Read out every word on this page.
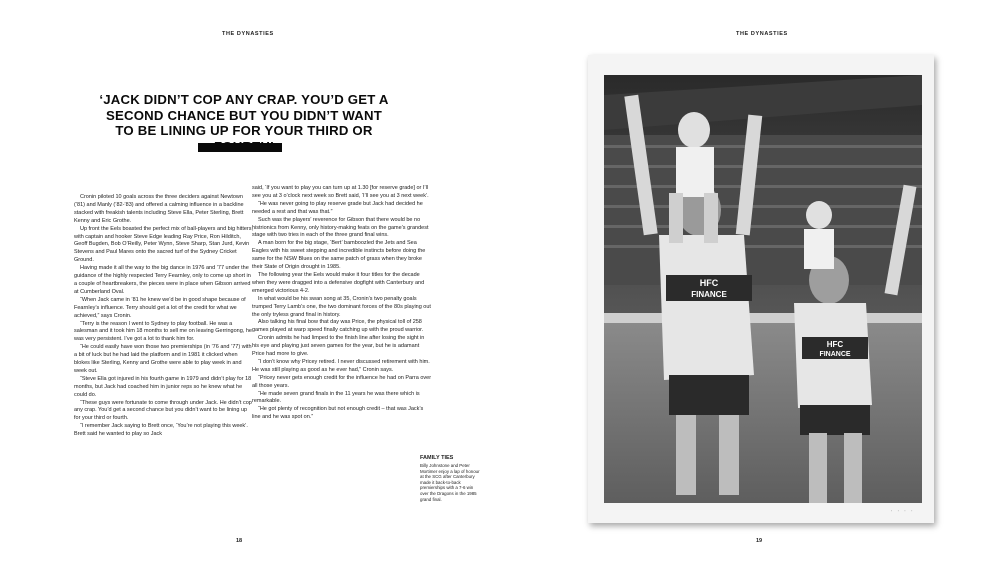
THE DYNASTIES
‘JACK DIDN’T COP ANY CRAP. YOU’D GET A SECOND CHANCE BUT YOU DIDN’T WANT TO BE LINING UP FOR YOUR THIRD OR

Cronin piloted 10 goals across the three deciders against Newtown (’81) and Manly (’82-’83) and offered a calming influence in a backline stacked with freakish talents including Steve Ella, Peter Sterling, Brett Kenny and Eric Grothe.

Up front the Eels boasted the perfect mix of ball-players and big hitters, with captain and hooker Steve Edge leading Ray Price, Ron Hilditch, Geoff Bugden, Bob O’Reilly, Peter Wynn, Steve Sharp, Stan Jurd, Kevin Stevens and Paul Mares onto the sacred turf of the Sydney Cricket Ground.

Having made it all the way to the big dance in 1976 and ’77 under the guidance of the highly respected Terry Fearnley, only to come up short in a couple of heartbreakers, the pieces were in place when Gibson arrived at Cumberland Oval.

“When Jack came in ’81 he knew we’d be in good shape because of Fearnley’s influence. Terry should get a lot of the credit for what we achieved,” says Cronin.

“Terry is the reason I went to Sydney to play football. He was a salesman and it took him 18 months to sell me on leaving Gerringong, he was very persistent. I’ve got a lot to thank him for.

“He could easily have won those two premierships (in ’76 and ’77) with a bit of luck but he had laid the platform and in 1981 it clicked when blokes like Sterling, Kenny and Grothe were able to play week in and week out.

“Steve Ella got injured in his fourth game in 1979 and didn’t play for 18 months, but Jack had coached him in junior reps so he knew what he could do.

“These guys were fortunate to come through under Jack. He didn’t cop any crap. You’d get a second chance but you didn’t want to be lining up for your third or fourth.

“I remember Jack saying to Brett once, ‘You’re not playing this week’. Brett said he wanted to play so Jack

said, ‘If you want to play you can turn up at 1.30 [for reserve grade] or I’ll see you at 3 o’clock next week so Brett said, ‘I’ll see you at 3 next week’.

“He was never going to play reserve grade but Jack had decided he needed a rest and that was that.”

Such was the players’ reverence for Gibson that there would be no histrionics from Kenny, only history-making feats on the game’s grandest stage with two tries in each of the three grand final wins.

A man born for the big stage, ‘Bert’ bamboozled the Jets and Sea Eagles with his sweet stepping and incredible instincts before doing the same for the NSW Blues on the same patch of grass when they broke their State of Origin drought in 1985.

The following year the Eels would make it four titles for the decade when they were dragged into a defensive dogfight with Canterbury and emerged victorious 4-2.

In what would be his swan song at 35, Cronin’s two penalty goals trumped Terry Lamb’s one, the two dominant forces of the 80s playing out the only tryless grand final in history.

Also talking his final bow that day was Price, the physical toll of 258 games played at warp speed finally catching up with the proud warrior.

Cronin admits he had limped to the finish line after losing the sight in his eye and playing just seven games for the year, but he is adamant Price had more to give.

“I don’t know why Pricey retired. I never discussed retirement with him. He was still playing as good as he ever had,” Cronin says.

“Pricey never gets enough credit for the influence he had on Parra over all those years.

“He made seven grand finals in the 11 years he was there which is remarkable.

“He got plenty of recognition but not enough credit – that was Jack’s line and he was spot on.”

FAMILY TIES
Billy Johnstone and Peter Mortimer enjoy a lap of honour at the SCG after Canterbury made it back-to-back premierships with a 7-6 win over the Dragons in the 1985 grand final.
18
THE DYNASTIES
HFC
FINANCE
HFC
FINANCE
· · · ·
19
